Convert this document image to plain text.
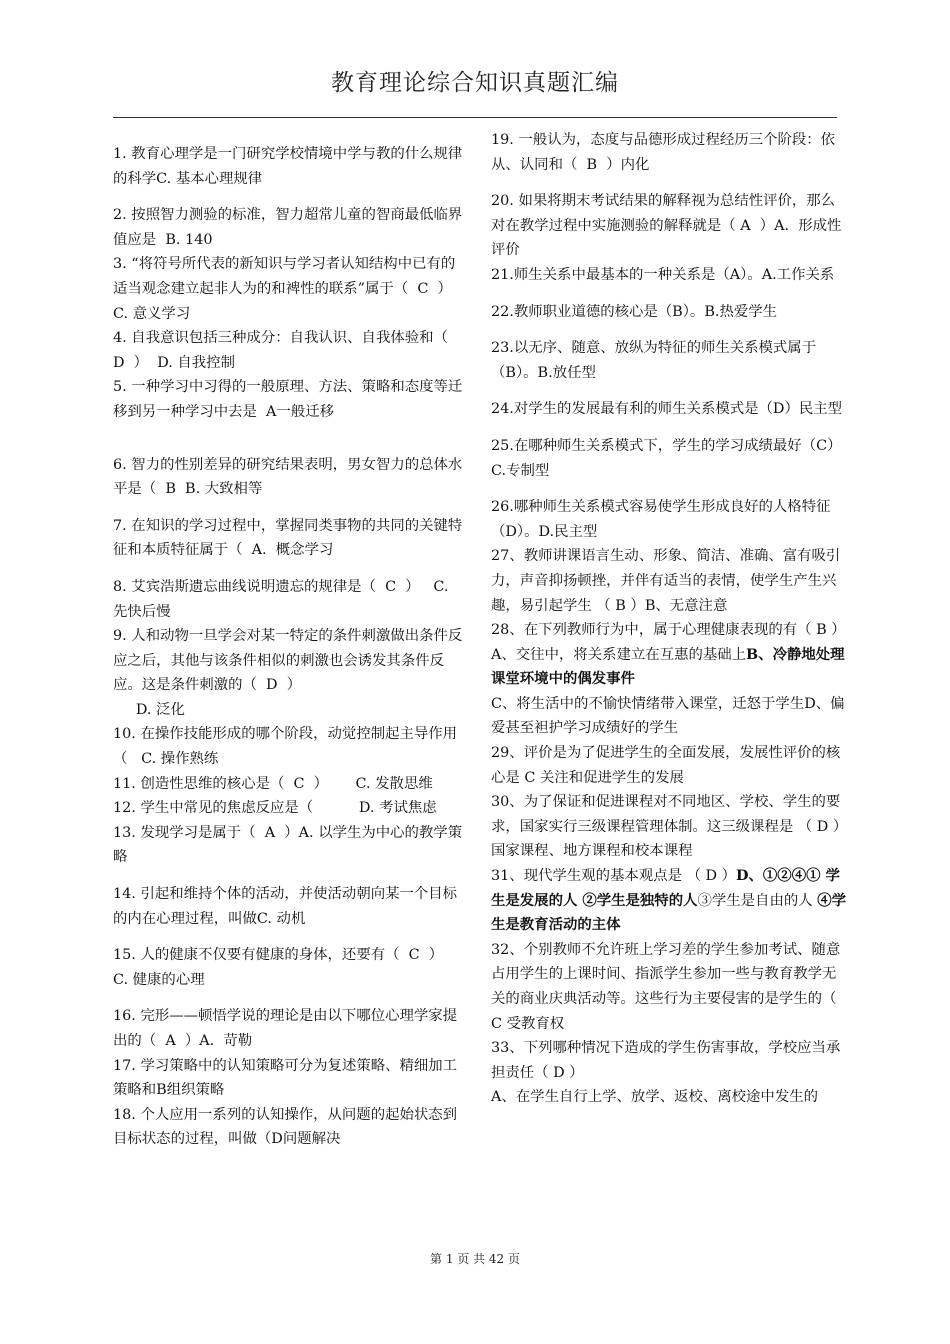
教育理论综合知识真题汇编

1. 教育心理学是一门研究学校情境中学与教的什么规律的科学C. 基本心理规律

2. 按照智力测验的标准，智力超常儿童的智商最低临界值应是  B. 140

3. “将符号所代表的新知识与学习者认知结构中已有的适当观念建立起非人为的和裨性的联系”属于（  C  ）   C. 意义学习

4. 自我意识包括三种成分：自我认识、自我体验和（  D  ）  D. 自我控制

5. 一种学习中习得的一般原理、方法、策略和态度等迁移到另一种学习中去是  A一般迁移

6. 智力的性别差异的研究结果表明，男女智力的总体水平是（  B  B. 大致相等

7. 在知识的学习过程中，掌握同类事物的共同的关键特征和本质特征属于（  A.  概念学习

8. 艾宾浩斯遗忘曲线说明遗忘的规律是（  C  ）   C. 先快后慢

9. 人和动物一旦学会对某一特定的条件刺激做出条件反应之后，其他与该条件相似的刺激也会诱发其条件反应。这是条件刺激的（  D  ）
D. 泛化

10. 在操作技能形成的哪个阶段，动觉控制起主导作用（   C. 操作熟练

11. 创造性思维的核心是（  C  ）      C. 发散思维

12. 学生中常见的焦虑反应是（          D. 考试焦虑

13. 发现学习是属于（  A  ）A. 以学生为中心的教学策略

14. 引起和维持个体的活动，并使活动朝向某一个目标的内在心理过程，叫做C. 动机

15. 人的健康不仅要有健康的身体，还要有（  C  ）  C. 健康的心理

16. 完形——顿悟学说的理论是由以下哪位心理学家提出的（  A  ）A.  苛勒

17. 学习策略中的认知策略可分为复述策略、精细加工策略和B组织策略

18. 个人应用一系列的认知操作，从问题的起始状态到目标状态的过程，叫做（D问题解决

19. 一般认为，态度与品德形成过程经历三个阶段：依从、认同和（  B  ）内化

20. 如果将期末考试结果的解释视为总结性评价，那么对在教学过程中实施测验的解释就是（ A  ）A.  形成性评价

21.师生关系中最基本的一种关系是（A）。A.工作关系

22.教师职业道德的核心是（B）。B.热爱学生

23.以无序、随意、放纵为特征的师生关系模式属于（B）。B.放任型

24.对学生的发展最有利的师生关系模式是（D）民主型

25.在哪种师生关系模式下，学生的学习成绩最好（C）C.专制型

26.哪种师生关系模式容易使学生形成良好的人格特征（D）。D.民主型

27、教师讲课语言生动、形象、简洁、准确、富有吸引力，声音抑扬顿挫，并伴有适当的表情，使学生产生兴趣，易引起学生 （ B ）B、无意注意

28、在下列教师行为中，属于心理健康表现的有（ B ）

A、交往中，将关系建立在互惠的基础上B、冷静地处理课堂环境中的偶发事件

C、将生活中的不愉快情绪带入课堂，迁怒于学生D、偏爱甚至袒护学习成绩好的学生

29、评价是为了促进学生的全面发展，发展性评价的核心是 C 关注和促进学生的发展

30、为了保证和促进课程对不同地区、学校、学生的要求，国家实行三级课程管理体制。这三级课程是 （ D ）国家课程、地方课程和校本课程

31、现代学生观的基本观点是 （ D ）D、①②④① 学生是发展的人 ②学生是独特的人③学生是自由的人 ④学生是教育活动的主体

32、个别教师不允许班上学习差的学生参加考试、随意占用学生的上课时间、指派学生参加一些与教育教学无关的商业庆典活动等。这些行为主要侵害的是学生的（ C 受教育权

33、下列哪种情况下造成的学生伤害事故，学校应当承担责任（ D ）

A、在学生自行上学、放学、返校、离校途中发生的

第 1 页 共 42 页
